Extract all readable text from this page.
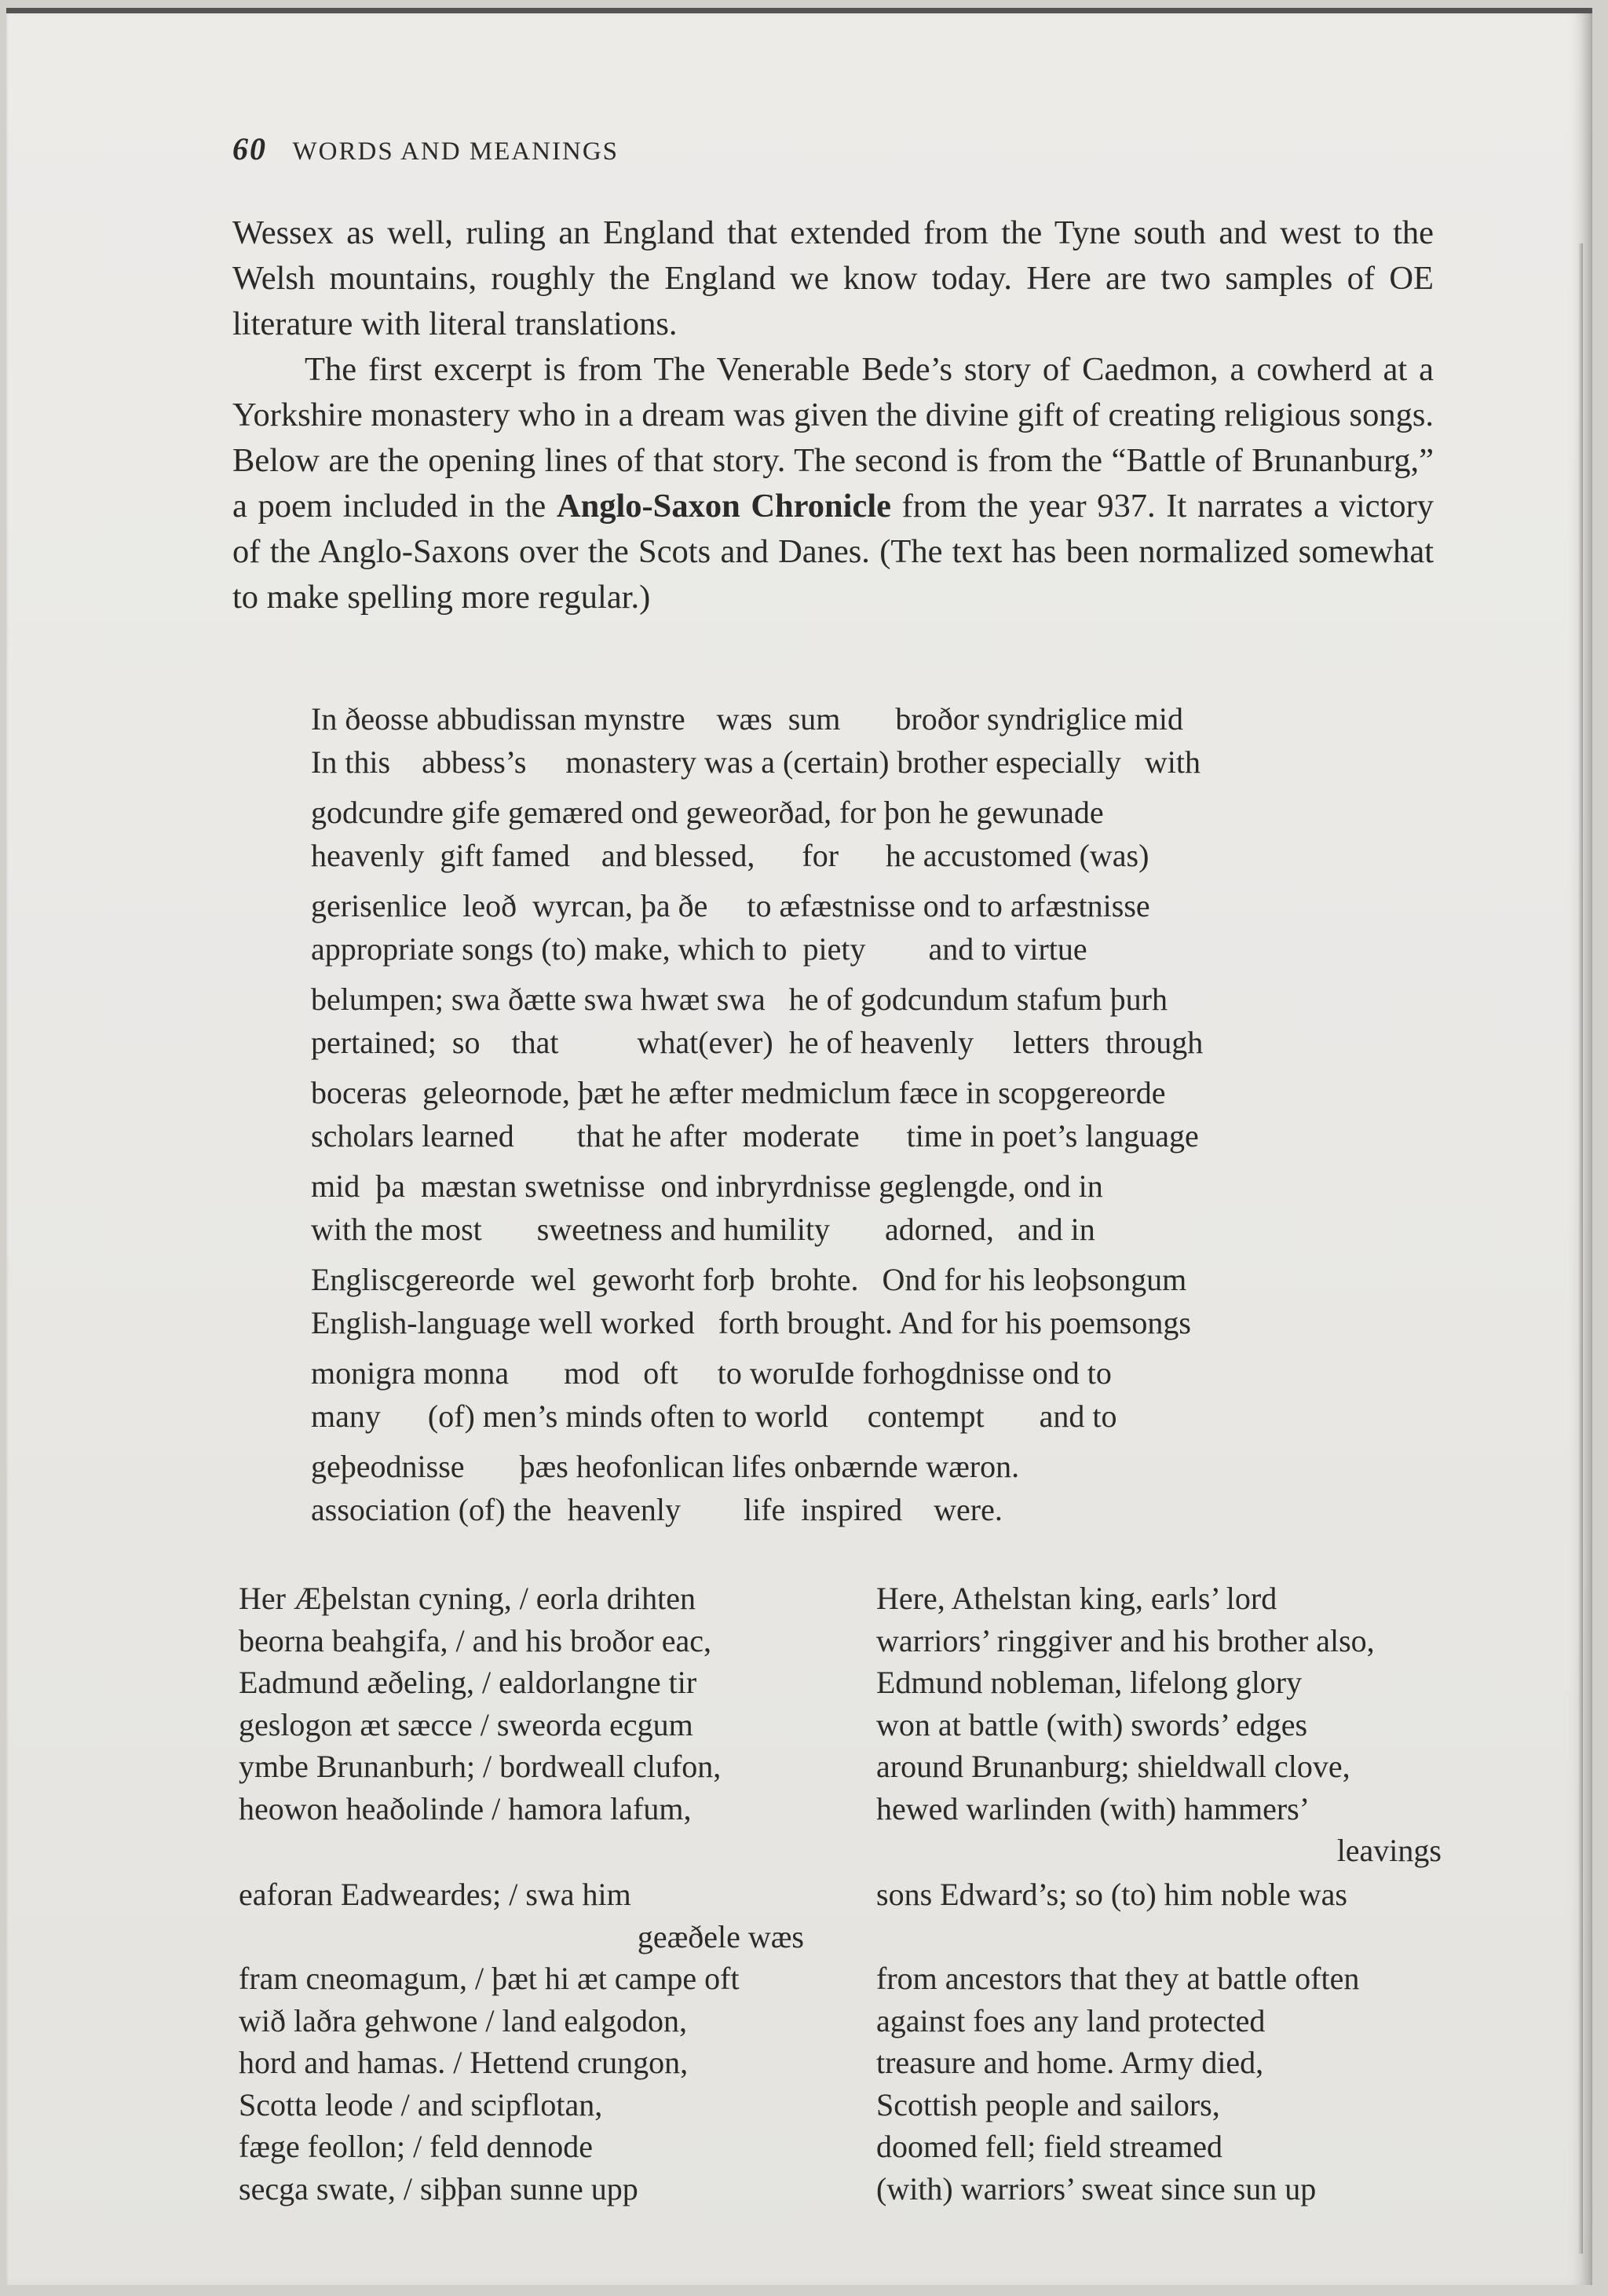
60 WORDS AND MEANINGS

Wessex as well, ruling an England that extended from the Tyne south and west to the Welsh mountains, roughly the England we know today. Here are two samples of OE literature with literal translations.

The first excerpt is from The Venerable Bede’s story of Caedmon, a cowherd at a Yorkshire monastery who in a dream was given the divine gift of creating religious songs. Below are the opening lines of that story. The second is from the “Battle of Brunanburg,” a poem included in the Anglo-Saxon Chronicle from the year 937. It narrates a victory of the Anglo-Saxons over the Scots and Danes. (The text has been normalized somewhat to make spelling more regular.)

In ðeosse abbudissan mynstre    wæs  sum       broðor syndriglice mid
In this    abbess’s     monastery was a (certain) brother especially   with
godcundre gife gemæred ond geweorðad, for þon he gewunade
heavenly  gift famed    and blessed,      for      he accustomed (was)
gerisenlice  leoð  wyrcan, þa ðe     to æfæstnisse ond to arfæstnisse
appropriate songs (to) make, which to  piety        and to virtue
belumpen; swa ðætte swa hwæt swa   he of godcundum stafum þurh
pertained;  so    that          what(ever)  he of heavenly     letters  through
boceras  geleornode, þæt he æfter medmiclum fæce in scopgereorde
scholars learned        that he after  moderate      time in poet’s language
mid  þa  mæstan swetnisse  ond inbryrdnisse geglengde, ond in
with the most       sweetness and humility       adorned,   and in
Engliscgereorde  wel  geworht forþ  brohte.   Ond for his leoþsongum
English-language well worked   forth brought. And for his poemsongs
monigra monna       mod   oft     to woruIde forhogdnisse ond to
many      (of) men’s minds often to world     contempt       and to
geþeodnisse       þæs heofonlican lifes onbærnde wæron.
association (of) the  heavenly        life  inspired    were.
Her Æþelstan cyning, / eorla drihten
beorna beahgifa, / and his broðor eac,
Eadmund æðeling, / ealdorlangne tir
geslogon æt sæcce / sweorda ecgum
ymbe Brunanburh; / bordweall clufon,
heowon heaðolinde / hamora lafum,
Here, Athelstan king, earls’ lord
warriors’ ringgiver and his brother also,
Edmund nobleman, lifelong glory
won at battle (with) swords’ edges
around Brunanburg; shieldwall clove,
hewed warlinden (with) hammers’
leavings
eaforan Eadweardes; / swa him
geæðele wæs
fram cneomagum, / þæt hi æt campe oft
wið laðra gehwone / land ealgodon,
hord and hamas. / Hettend crungon,
Scotta leode / and scipflotan,
fæge feollon; / feld dennode
secga swate, / siþþan sunne upp
sons Edward’s; so (to) him noble was

from ancestors that they at battle often
against foes any land protected
treasure and home. Army died,
Scottish people and sailors,
doomed fell; field streamed
(with) warriors’ sweat since sun up
